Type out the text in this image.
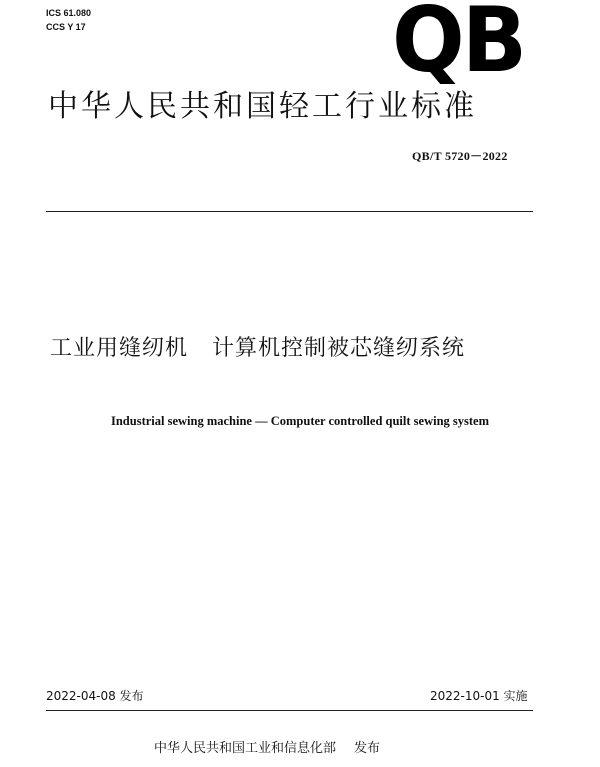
ICS 61.080
CCS Y 17	QB
中华人民共和国轻工行业标准
QB/T 5720－2022
工业用缝纫机 计算机控制被芯缝纫系统
Industrial sewing machine — Computer controlled quilt sewing system
2022-04-08 发布	2022-10-01 实施
中华人民共和国工业和信息化部 发布
